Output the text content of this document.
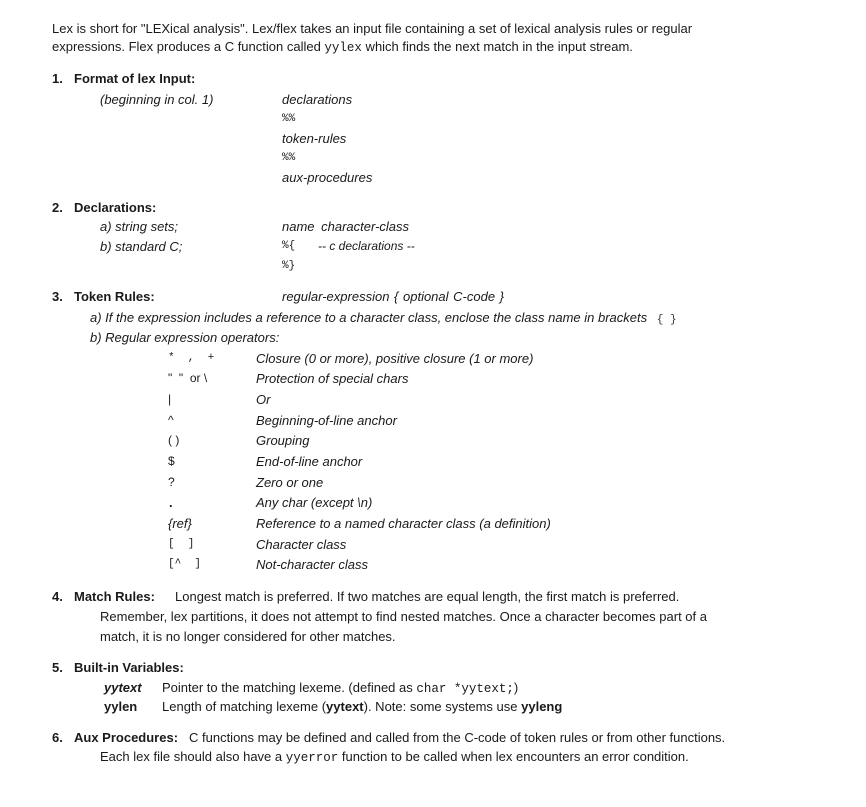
Lex is short for "LEXical analysis". Lex/flex takes an input file containing a set of lexical analysis rules or regular
expressions. Flex produces a C function called yylex which finds the next match in the input stream.
1. Format of lex Input:
(beginning in col. 1)	declarations
%%
token-rules
%%
aux-procedures
2. Declarations:
a) string sets;	name character-class
b) standard C;	%{ -- c declarations --
%}
3. Token Rules:	regular-expression { optional C-code }
a) If the expression includes a reference to a character class, enclose the class name in brackets { }
b) Regular expression operators:
*  ,  +	Closure (0 or more), positive closure (1 or more)
"  "  or \	Protection of special chars
|	Or
^	Beginning-of-line anchor
( )	Grouping
$	End-of-line anchor
?	Zero or one
.	Any char (except \n)
{ref}	Reference to a named character class (a definition)
[  ]	Character class
[^  ]	Not-character class
4. Match Rules: Longest match is preferred. If two matches are equal length, the first match is preferred.
Remember, lex partitions, it does not attempt to find nested matches. Once a character becomes part of a
match, it is no longer considered for other matches.
5. Built-in Variables:
yytext Pointer to the matching lexeme. (defined as char *yytext;)
yylen Length of matching lexeme (yytext). Note: some systems use yyleng
6. Aux Procedures: C functions may be defined and called from the C-code of token rules or from other functions.
Each lex file should also have a yyerror function to be called when lex encounters an error condition.
